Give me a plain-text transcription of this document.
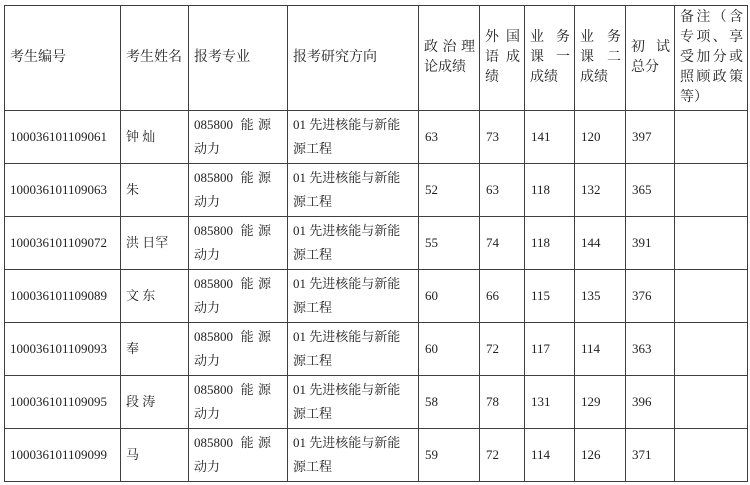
考生编号	考生姓名	报考专业	报考研究方向	政治理论成绩	外国语成绩	业务课一成绩	业务课二成绩	初试总分	备注（含专项、享受加分或照顾政策等）
100036101109061	钟 灿	085800 能源动力	01 先进核能与新能源工程	63	73	141	120	397	
100036101109063	朱	085800 能源动力	01 先进核能与新能源工程	52	63	118	132	365	
100036101109072	洪 日罕	085800 能源动力	01 先进核能与新能源工程	55	74	118	144	391	
100036101109089	文 东	085800 能源动力	01 先进核能与新能源工程	60	66	115	135	376	
100036101109093	奉	085800 能源动力	01 先进核能与新能源工程	60	72	117	114	363	
100036101109095	段 涛	085800 能源动力	01 先进核能与新能源工程	58	78	131	129	396	
100036101109099	马	085800 能源动力	01 先进核能与新能源工程	59	72	114	126	371	
